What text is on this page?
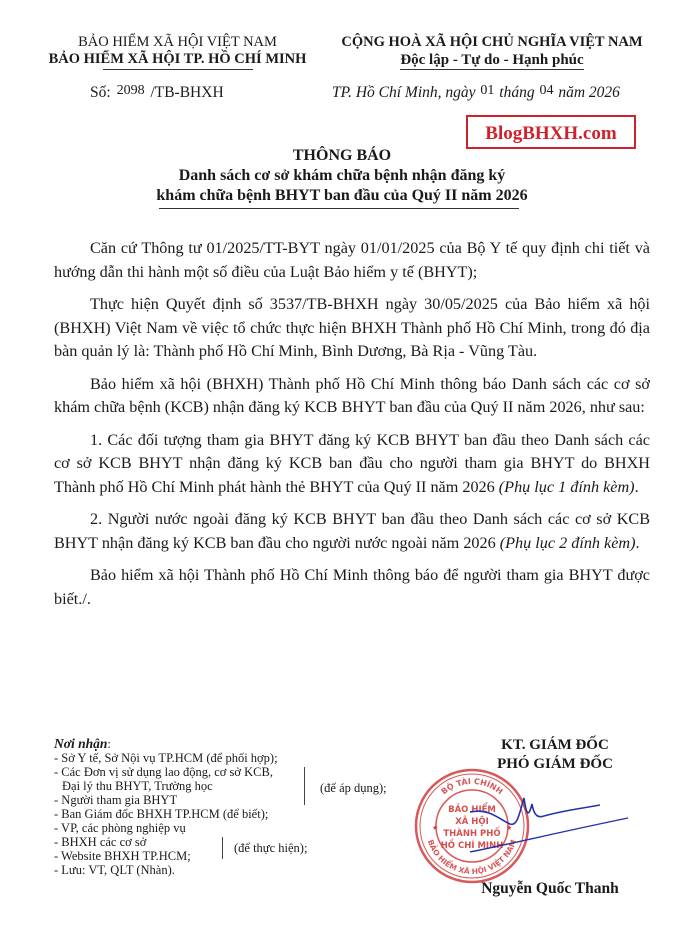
BẢO HIỂM XÃ HỘI VIỆT NAM
BẢO HIỂM XÃ HỘI TP. HỒ CHÍ MINH
Số: 2098 /TB-BHXH
CỘNG HOÀ XÃ HỘI CHỦ NGHĨA VIỆT NAM
Độc lập - Tự do - Hạnh phúc
TP. Hồ Chí Minh, ngày 01 tháng 04 năm 2026
BlogBHXH.com
THÔNG BÁO
Danh sách cơ sở khám chữa bệnh nhận đăng ký
khám chữa bệnh BHYT ban đầu của Quý II năm 2026

Căn cứ Thông tư 01/2025/TT-BYT ngày 01/01/2025 của Bộ Y tế quy định chi tiết và hướng dẫn thi hành một số điều của Luật Bảo hiểm y tế (BHYT);

Thực hiện Quyết định số 3537/TB-BHXH ngày 30/05/2025 của Bảo hiểm xã hội (BHXH) Việt Nam về việc tổ chức thực hiện BHXH Thành phố Hồ Chí Minh, trong đó địa bàn quản lý là: Thành phố Hồ Chí Minh, Bình Dương, Bà Rịa - Vũng Tàu.

Bảo hiểm xã hội (BHXH) Thành phố Hồ Chí Minh thông báo Danh sách các cơ sở khám chữa bệnh (KCB) nhận đăng ký KCB BHYT ban đầu của Quý II năm 2026, như sau:

1. Các đối tượng tham gia BHYT đăng ký KCB BHYT ban đầu theo Danh sách các cơ sở KCB BHYT nhận đăng ký KCB ban đầu cho người tham gia BHYT do BHXH Thành phố Hồ Chí Minh phát hành thẻ BHYT của Quý II năm 2026 (Phụ lục 1 đính kèm).

2. Người nước ngoài đăng ký KCB BHYT ban đầu theo Danh sách các cơ sở KCB BHYT nhận đăng ký KCB ban đầu cho người nước ngoài năm 2026 (Phụ lục 2 đính kèm).

Bảo hiểm xã hội Thành phố Hồ Chí Minh thông báo để người tham gia BHYT được biết./.

Nơi nhận:
- Sở Y tế, Sở Nội vụ TP.HCM (để phối hợp);
- Các Đơn vị sử dụng lao động, cơ sở KCB,
Đại lý thu BHYT, Trường học
- Người tham gia BHYT
- Ban Giám đốc BHXH TP.HCM (để biết);
- VP, các phòng nghiệp vụ
- BHXH các cơ sở
- Website BHXH TP.HCM;
- Lưu: VT, QLT (Nhàn).
(để áp dụng);
(để thực hiện);
KT. GIÁM ĐỐC
PHÓ GIÁM ĐỐC
BỘ TÀI CHÍNH
BẢO HIỂM XÃ HỘI VIỆT NAM
BẢO HIỂM
XÃ HỘI
THÀNH PHỐ
HỒ CHÍ MINH
★	★
Nguyễn Quốc Thanh
